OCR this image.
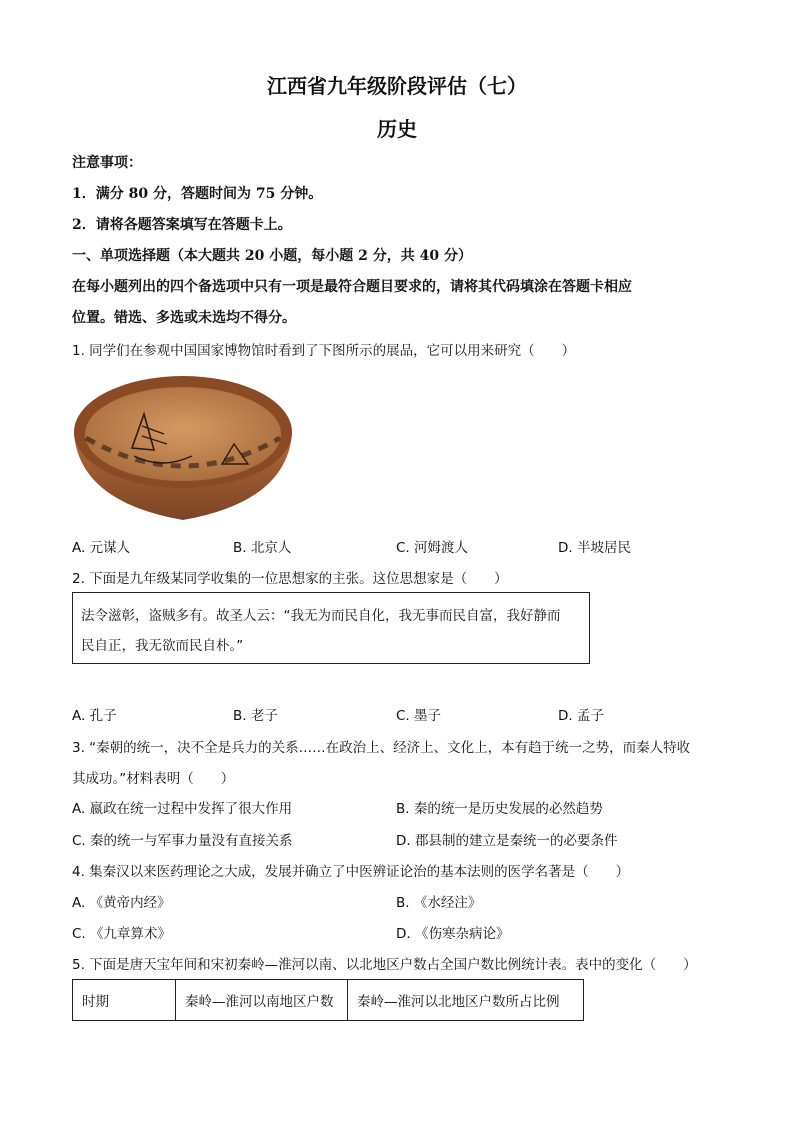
江西省九年级阶段评估（七）
历史
注意事项：
1．满分 80 分，答题时间为 75 分钟。
2．请将各题答案填写在答题卡上。
一、单项选择题（本大题共 20 小题，每小题 2 分，共 40 分）
在每小题列出的四个备选项中只有一项是最符合题目要求的，请将其代码填涂在答题卡相应
位置。错选、多选或未选均不得分。
1. 同学们在参观中国国家博物馆时看到了下图所示的展品，它可以用来研究（　　）
A. 元谋人	B. 北京人	C. 河姆渡人	D. 半坡居民
2. 下面是九年级某同学收集的一位思想家的主张。这位思想家是（　　）
法令滋彰，盗贼多有。故圣人云：“我无为而民自化，我无事而民自富，我好静而
民自正，我无欲而民自朴。”
A. 孔子	B. 老子	C. 墨子	D. 孟子
3. “秦朝的统一，决不全是兵力的关系……在政治上、经济上、文化上，本有趋于统一之势，而秦人特收
其成功。”材料表明（　　）
A. 嬴政在统一过程中发挥了很大作用	B. 秦的统一是历史发展的必然趋势
C. 秦的统一与军事力量没有直接关系	D. 郡县制的建立是秦统一的必要条件
4. 集秦汉以来医药理论之大成，发展并确立了中医辨证论治的基本法则的医学名著是（　　）
A. 《黄帝内经》	B. 《水经注》
C. 《九章算术》	D. 《伤寒杂病论》
5. 下面是唐天宝年间和宋初秦岭—淮河以南、以北地区户数占全国户数比例统计表。表中的变化（　　）
时期	秦岭—淮河以南地区户数	秦岭—淮河以北地区户数所占比例
